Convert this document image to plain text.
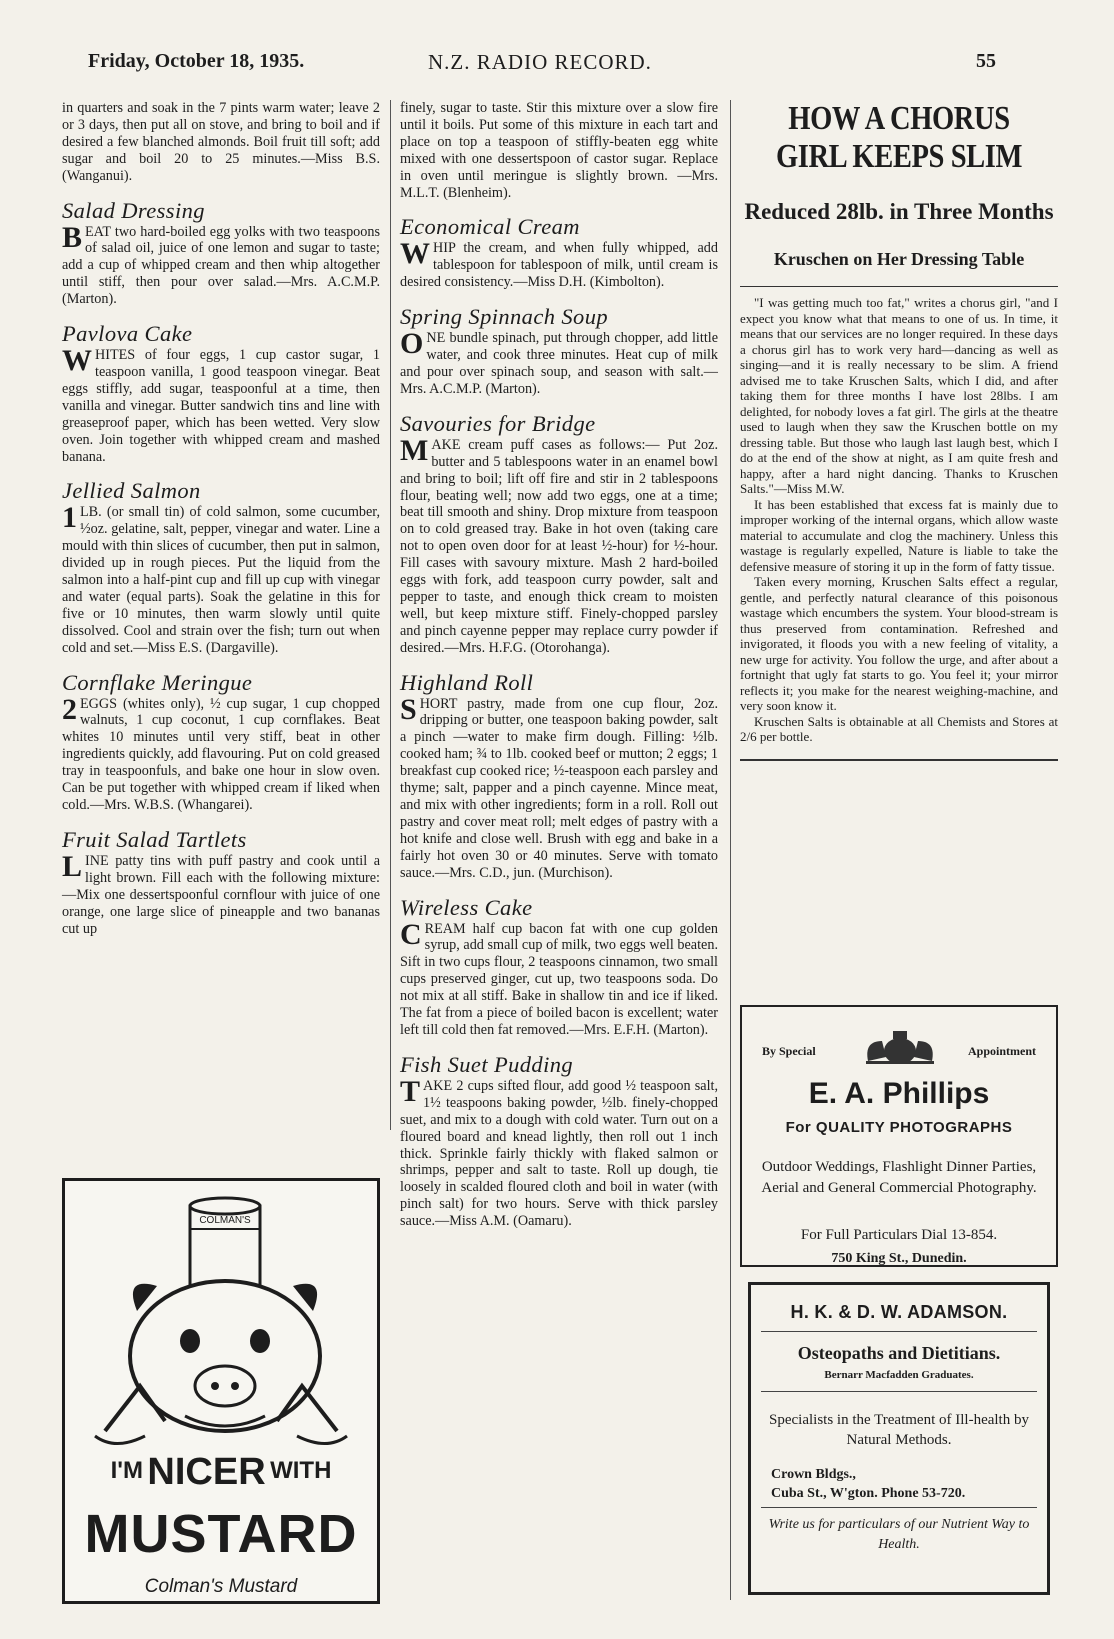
Friday, October 18, 1935.	N.Z. RADIO RECORD.	55

in quarters and soak in the 7 pints warm water; leave 2 or 3 days, then put all on stove, and bring to boil and if desired a few blanched almonds. Boil fruit till soft; add sugar and boil 20 to 25 minutes.—Miss B.S. (Wanganui).

Salad Dressing

BEAT two hard-boiled egg yolks with two teaspoons of salad oil, juice of one lemon and sugar to taste; add a cup of whipped cream and then whip altogether until stiff, then pour over salad.—Mrs. A.C.M.P. (Marton).

Pavlova Cake

WHITES of four eggs, 1 cup castor sugar, 1 teaspoon vanilla, 1 good teaspoon vinegar. Beat eggs stiffly, add sugar, teaspoonful at a time, then vanilla and vinegar. Butter sandwich tins and line with greaseproof paper, which has been wetted. Very slow oven. Join together with whipped cream and mashed banana.

Jellied Salmon

1 LB. (or small tin) of cold salmon, some cucumber, ½oz. gelatine, salt, pepper, vinegar and water. Line a mould with thin slices of cucumber, then put in salmon, divided up in rough pieces. Put the liquid from the salmon into a half-pint cup and fill up cup with vinegar and water (equal parts). Soak the gelatine in this for five or 10 minutes, then warm slowly until quite dissolved. Cool and strain over the fish; turn out when cold and set.—Miss E.S. (Dargaville).

Cornflake Meringue

2 EGGS (whites only), ½ cup sugar, 1 cup chopped walnuts, 1 cup coconut, 1 cup cornflakes. Beat whites 10 minutes until very stiff, beat in other ingredients quickly, add flavouring. Put on cold greased tray in teaspoonfuls, and bake one hour in slow oven. Can be put together with whipped cream if liked when cold.—Mrs. W.B.S. (Whangarei).

Fruit Salad Tartlets

LINE patty tins with puff pastry and cook until a light brown. Fill each with the following mixture:—Mix one dessertspoonful cornflour with juice of one orange, one large slice of pineapple and two bananas cut up

COLMAN'S
I'M NICER WITH
MUSTARD
Colman's Mustard

finely, sugar to taste. Stir this mixture over a slow fire until it boils. Put some of this mixture in each tart and place on top a teaspoon of stiffly-beaten egg white mixed with one dessertspoon of castor sugar. Replace in oven until meringue is slightly brown. —Mrs. M.L.T. (Blenheim).

Economical Cream

WHIP the cream, and when fully whipped, add tablespoon for tablespoon of milk, until cream is desired consistency.—Miss D.H. (Kimbolton).

Spring Spinnach Soup

ONE bundle spinach, put through chopper, add little water, and cook three minutes. Heat cup of milk and pour over spinach soup, and season with salt.—Mrs. A.C.M.P. (Marton).

Savouries for Bridge

MAKE cream puff cases as follows:— Put 2oz. butter and 5 tablespoons water in an enamel bowl and bring to boil; lift off fire and stir in 2 tablespoons flour, beating well; now add two eggs, one at a time; beat till smooth and shiny. Drop mixture from teaspoon on to cold greased tray. Bake in hot oven (taking care not to open oven door for at least ½-hour) for ½-hour. Fill cases with savoury mixture. Mash 2 hard-boiled eggs with fork, add teaspoon curry powder, salt and pepper to taste, and enough thick cream to moisten well, but keep mixture stiff. Finely-chopped parsley and pinch cayenne pepper may replace curry powder if desired.—Mrs. H.F.G. (Otorohanga).

Highland Roll

SHORT pastry, made from one cup flour, 2oz. dripping or butter, one teaspoon baking powder, salt a pinch —water to make firm dough. Filling: ½lb. cooked ham; ¾ to 1lb. cooked beef or mutton; 2 eggs; 1 breakfast cup cooked rice; ½-teaspoon each parsley and thyme; salt, papper and a pinch cayenne. Mince meat, and mix with other ingredients; form in a roll. Roll out pastry and cover meat roll; melt edges of pastry with a hot knife and close well. Brush with egg and bake in a fairly hot oven 30 or 40 minutes. Serve with tomato sauce.—Mrs. C.D., jun. (Murchison).

Wireless Cake

CREAM half cup bacon fat with one cup golden syrup, add small cup of milk, two eggs well beaten. Sift in two cups flour, 2 teaspoons cinnamon, two small cups preserved ginger, cut up, two teaspoons soda. Do not mix at all stiff. Bake in shallow tin and ice if liked. The fat from a piece of boiled bacon is excellent; water left till cold then fat removed.—Mrs. E.F.H. (Marton).

Fish Suet Pudding

TAKE 2 cups sifted flour, add good ½ teaspoon salt, 1½ teaspoons baking powder, ½lb. finely-chopped suet, and mix to a dough with cold water. Turn out on a floured board and knead lightly, then roll out 1 inch thick. Sprinkle fairly thickly with flaked salmon or shrimps, pepper and salt to taste. Roll up dough, tie loosely in scalded floured cloth and boil in water (with pinch salt) for two hours. Serve with thick parsley sauce.—Miss A.M. (Oamaru).

HOW A CHORUS GIRL KEEPS SLIM
Reduced 28lb. in Three Months
Kruschen on Her Dressing Table

"I was getting much too fat," writes a chorus girl, "and I expect you know what that means to one of us. In time, it means that our services are no longer required. In these days a chorus girl has to work very hard—dancing as well as singing—and it is really necessary to be slim. A friend advised me to take Kruschen Salts, which I did, and after taking them for three months I have lost 28lbs. I am delighted, for nobody loves a fat girl. The girls at the theatre used to laugh when they saw the Kruschen bottle on my dressing table. But those who laugh last laugh best, which I do at the end of the show at night, as I am quite fresh and happy, after a hard night dancing. Thanks to Kruschen Salts."—Miss M.W.

It has been established that excess fat is mainly due to improper working of the internal organs, which allow waste material to accumulate and clog the machinery. Unless this wastage is regularly expelled, Nature is liable to take the defensive measure of storing it up in the form of fatty tissue.

Taken every morning, Kruschen Salts effect a regular, gentle, and perfectly natural clearance of this poisonous wastage which encumbers the system. Your blood-stream is thus preserved from contamination. Refreshed and invigorated, it floods you with a new feeling of vitality, a new urge for activity. You follow the urge, and after about a fortnight that ugly fat starts to go. You feel it; your mirror reflects it; you make for the nearest weighing-machine, and very soon know it.

Kruschen Salts is obtainable at all Chemists and Stores at 2/6 per bottle.

By Special	Appointment
E. A. Phillips
For QUALITY PHOTOGRAPHS
Outdoor Weddings, Flashlight Dinner Parties, Aerial and General Commercial Photography.
For Full Particulars Dial 13-854.
750 King St., Dunedin.
H. K. & D. W. ADAMSON.
Osteopaths and Dietitians.
Bernarr Macfadden Graduates.
Specialists in the Treatment of Ill-health by Natural Methods.
Crown Bldgs.,
Cuba St., W'gton. Phone 53-720.
Write us for particulars of our Nutrient Way to Health.
